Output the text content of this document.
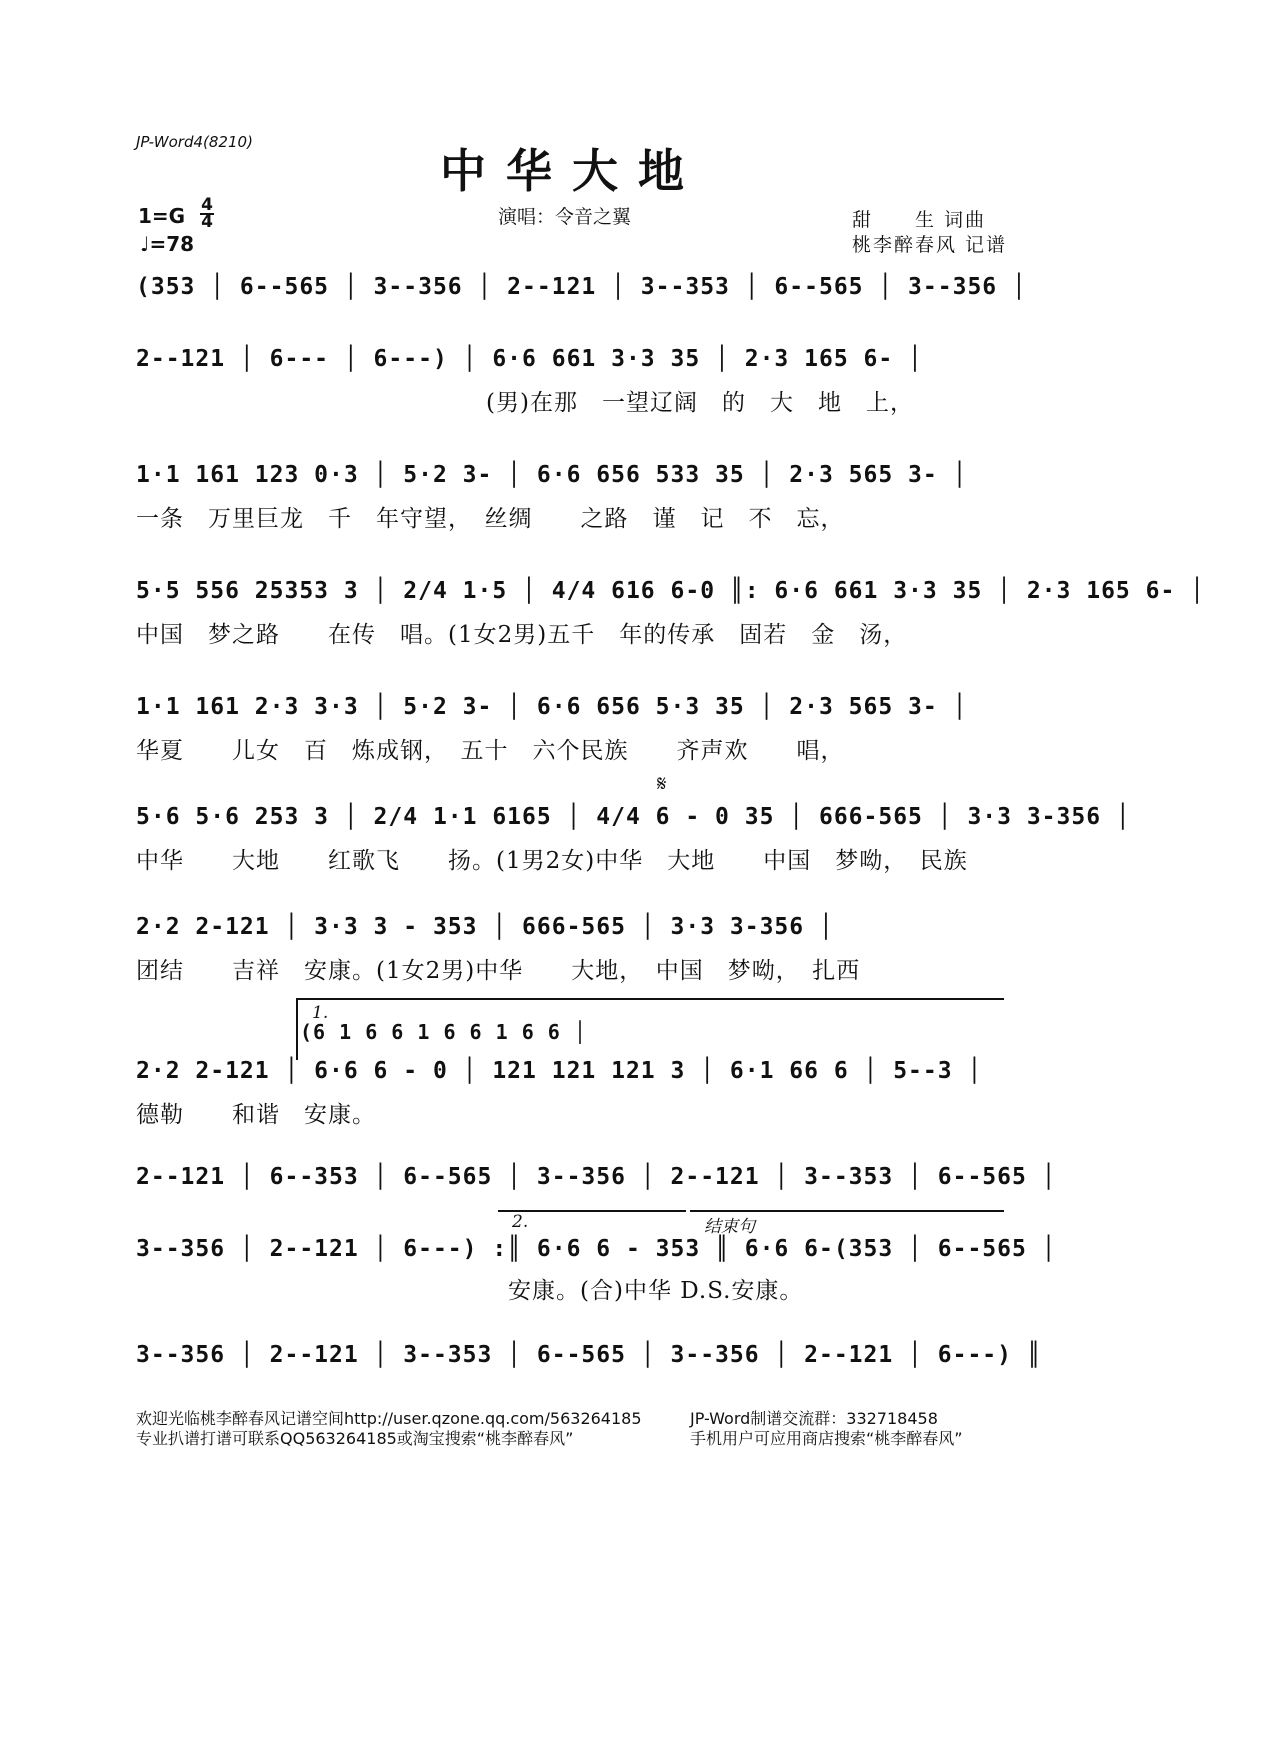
JP-Word4(8210)
中华大地
1=G 4
4
♩=78
演唱：令音之翼	甜　　生 词曲
桃李醉春风 记谱
(353 │ 6--565 │ 3--356 │ 2--121 │ 3--353 │ 6--565 │ 3--356 │
2--121 │ 6--- │ 6---) │ 6·6 661 3·3 35 │ 2·3 165 6- │
(男)在那　一望辽阔　的　大　地　上，
1·1 161 123 0·3 │ 5·2 3- │ 6·6 656 533 35 │ 2·3 565 3- │
一条　万里巨龙　千　年守望，　丝绸　　之路　谨　记　不　忘，
5·5 556 25353 3 │ 2/4 1·5 │ 4/4 616 6-0 ║: 6·6 661 3·3 35 │ 2·3 165 6- │
中国　梦之路　　在传　唱。(1女2男)五千　年的传承　固若　金　汤，
1·1 161 2·3 3·3 │ 5·2 3- │ 6·6 656 5·3 35 │ 2·3 565 3- │
华夏　　儿女　百　炼成钢，　五十　六个民族　　齐声欢　　唱，
𝄋
5·6 5·6 253 3 │ 2/4 1·1 6165 │ 4/4 6 - 0 35 │ 666-565 │ 3·3 3-356 │
中华　　大地　　红歌飞　　扬。(1男2女)中华　大地　　中国　梦呦，　民族
2·2 2-121 │ 3·3 3 - 353 │ 666-565 │ 3·3 3-356 │
团结　　吉祥　安康。(1女2男)中华　　大地，　中国　梦呦，　扎西
1.
(6 1 6 6 1 6 6 1 6 6 │
2·2 2-121 │ 6·6 6 - 0 │ 121 121 121 3 │ 6·1 66 6 │ 5--3 │
德勒　　和谐　安康。
2--121 │ 6--353 │ 6--565 │ 3--356 │ 2--121 │ 3--353 │ 6--565 │
2.	结束句
3--356 │ 2--121 │ 6---) :║ 6·6 6 - 353 ║ 6·6 6-(353 │ 6--565 │
安康。(合)中华 D.S.安康。
3--356 │ 2--121 │ 3--353 │ 6--565 │ 3--356 │ 2--121 │ 6---) ║
欢迎光临桃李醉春风记谱空间http://user.qzone.qq.com/563264185	JP-Word制谱交流群：332718458
专业扒谱打谱可联系QQ563264185或淘宝搜索“桃李醉春风”	手机用户可应用商店搜索“桃李醉春风”
